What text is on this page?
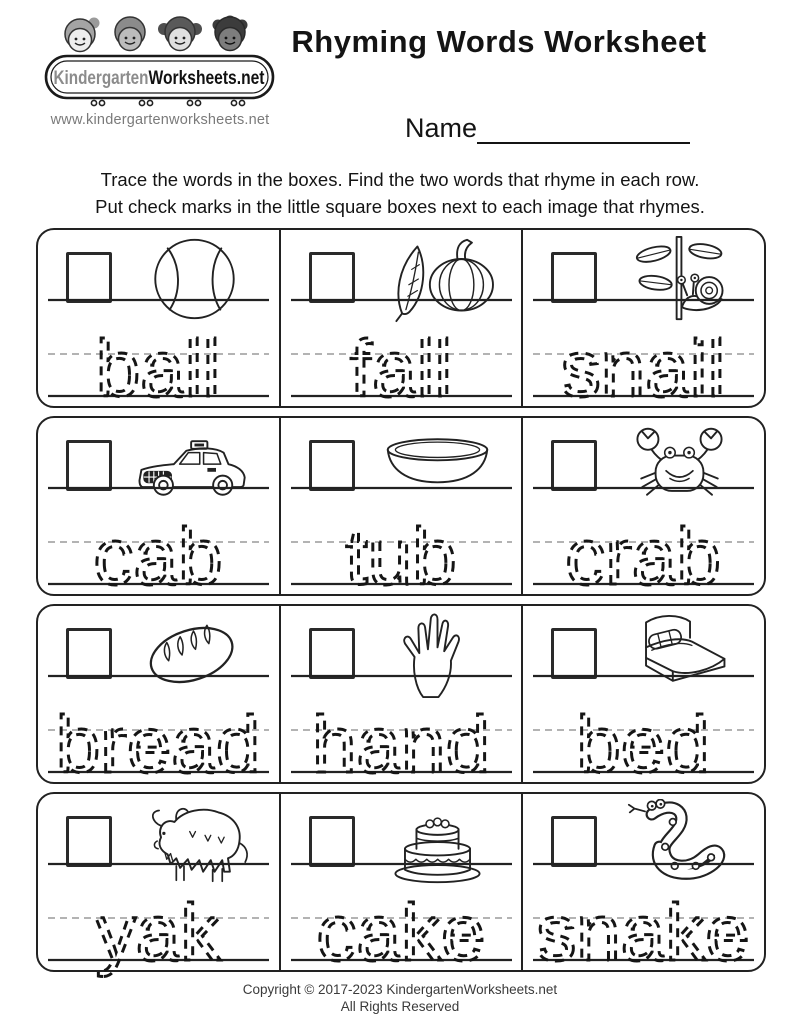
KindergartenWorksheets.net
www.kindergartenworksheets.net
Rhyming Words Worksheet
Name

Trace the words in the boxes. Find the two words that rhyme in each row.
Put check marks in the little square boxes next to each image that rhymes.

ball fall snail
cab tub crab
bread hand bed
yak cake snake
Copyright © 2017-2023 KindergartenWorksheets.net
All Rights Reserved
